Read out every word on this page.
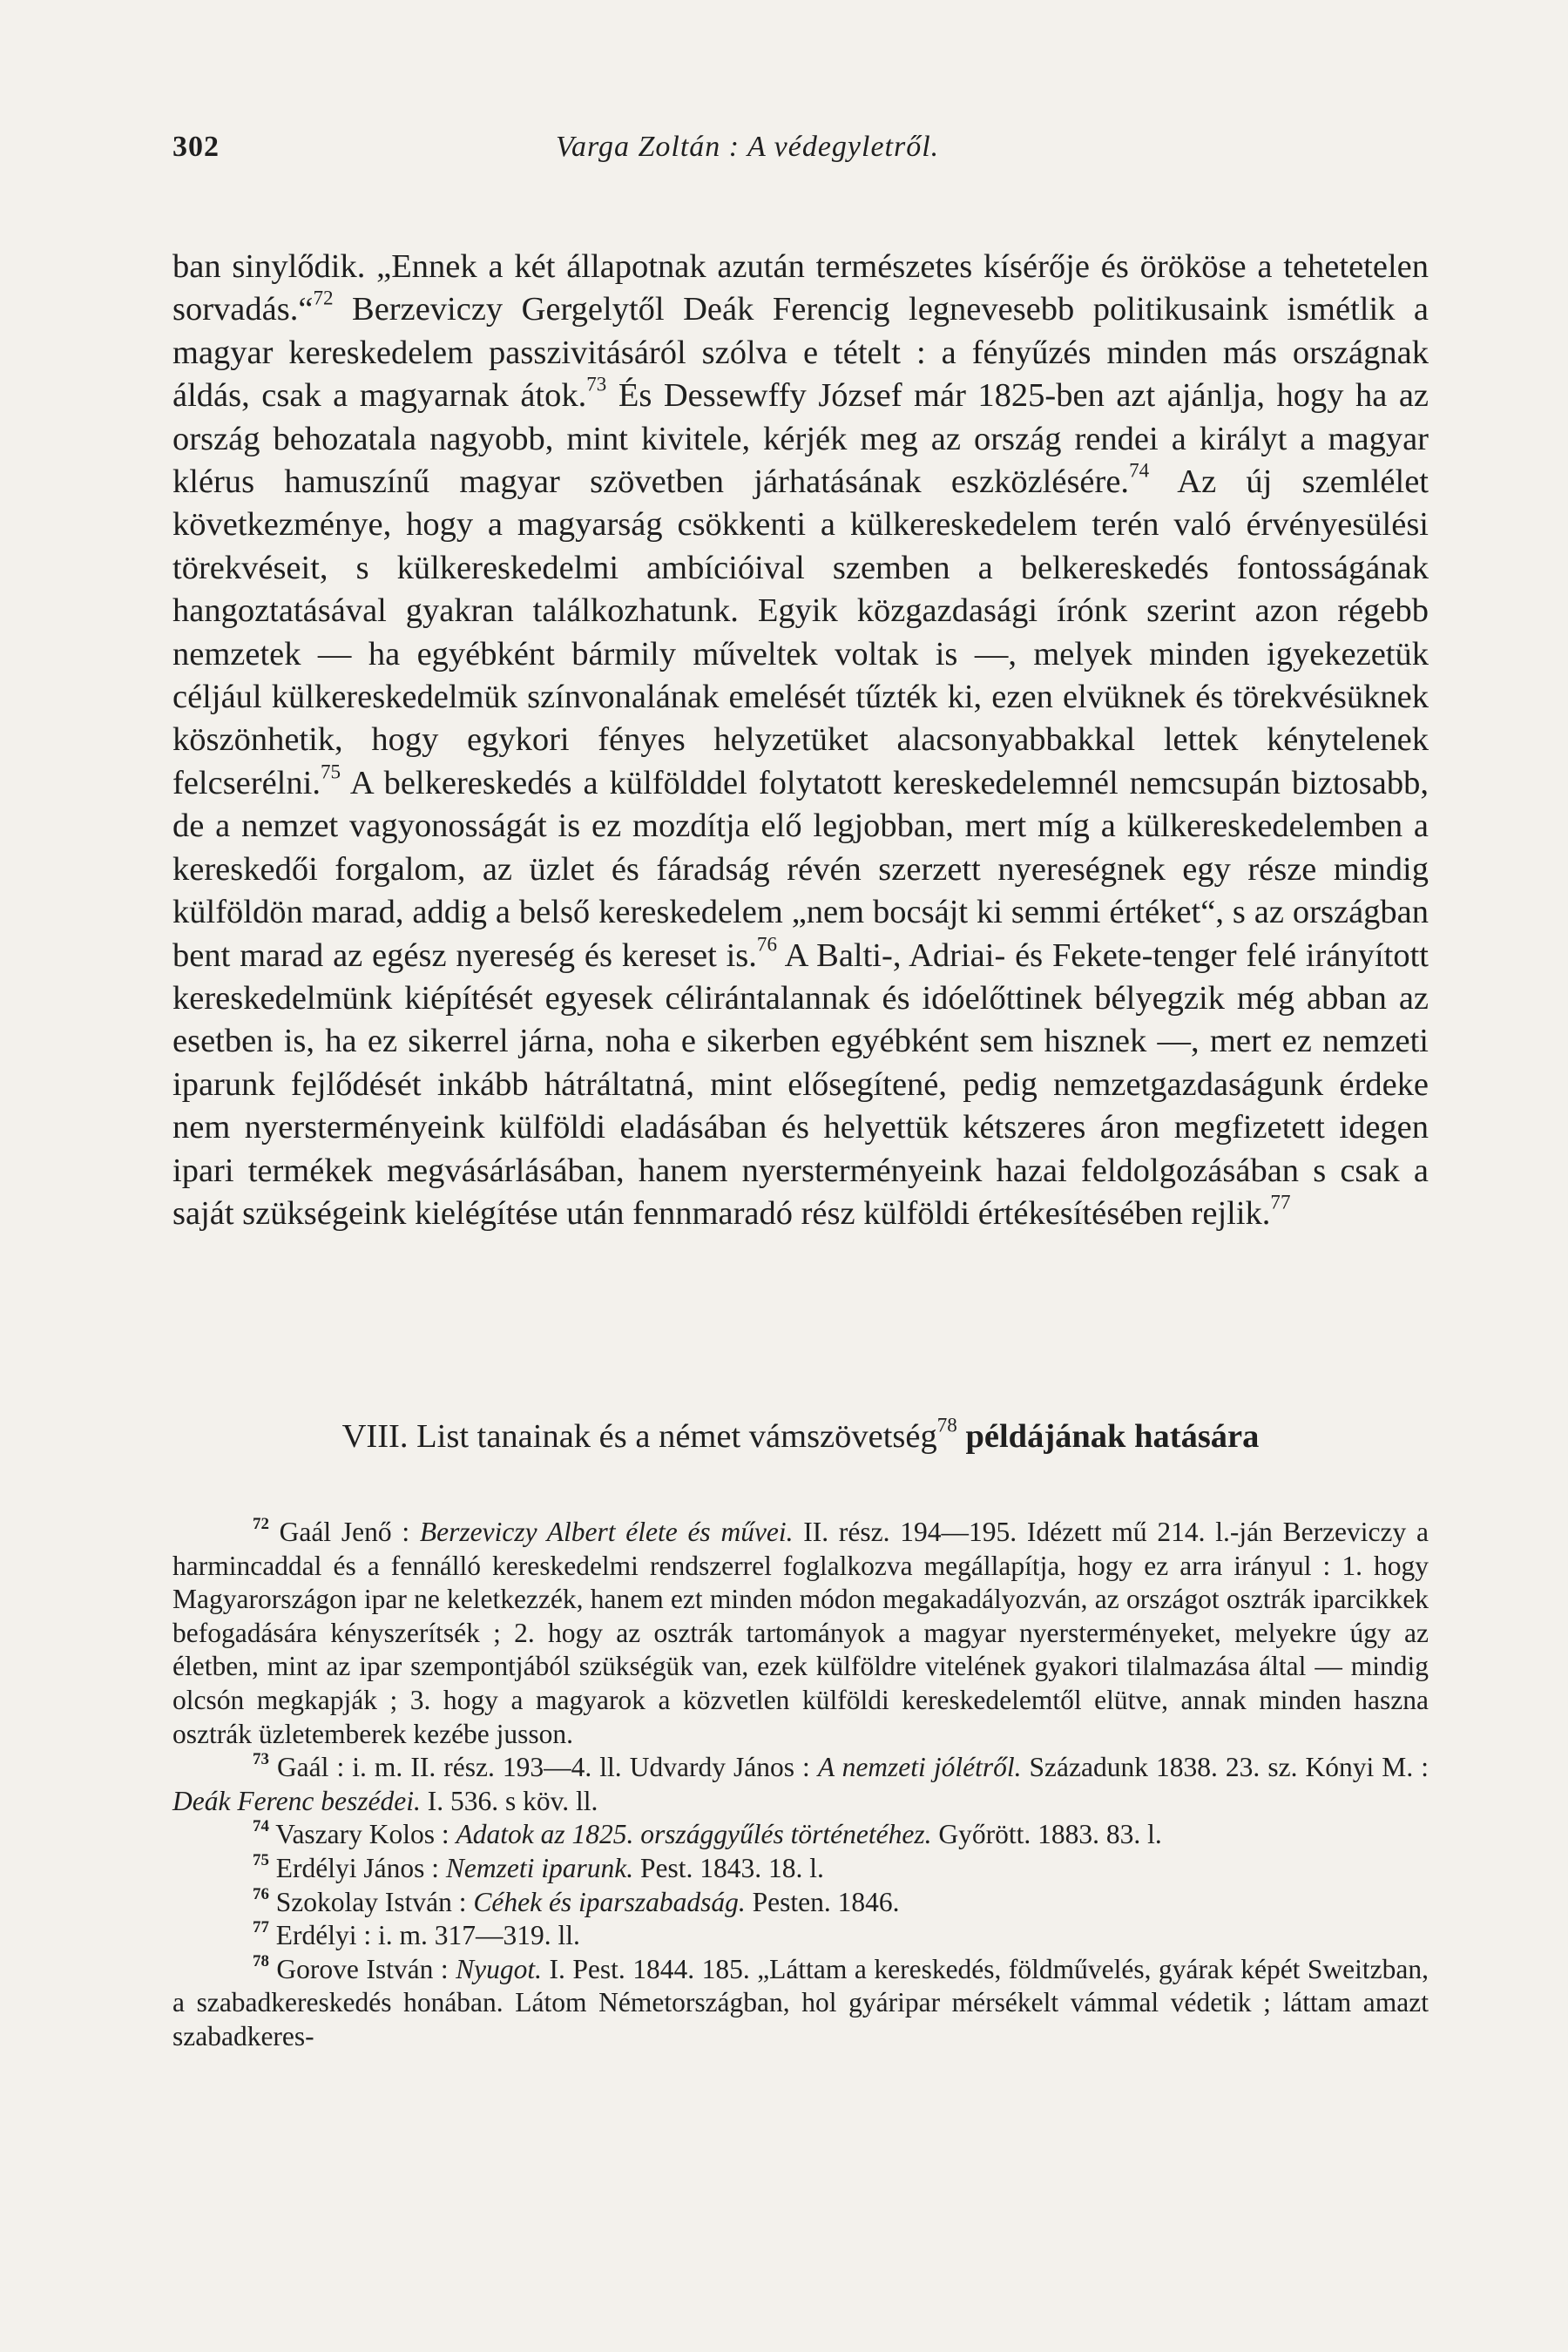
302	Varga Zoltán : A védegyletről.

ban sinylődik. „Ennek a két állapotnak azután természetes kísérője és örököse a tehetetelen sorvadás.“$^{72}$ Berzeviczy Gergelytől Deák Ferencig legnevesebb politikusaink ismétlik a magyar kereskedelem passzivitásáról szólva e tételt : a fényűzés minden más országnak áldás, csak a magyarnak átok.$^{73}$ És Dessewffy József már 1825-ben azt ajánlja, hogy ha az ország behozatala nagyobb, mint kivitele, kérjék meg az ország rendei a királyt a magyar klérus hamuszínű magyar szövetben járhatásának eszközlésére.$^{74}$ Az új szemlélet következménye, hogy a magyarság csökkenti a külkereskedelem terén való érvényesülési törekvéseit, s külkereskedelmi ambícióival szemben a belkereskedés fontosságának hangoztatásával gyakran találkozhatunk. Egyik közgazdasági írónk szerint azon régebb nemzetek — ha egyébként bármily műveltek voltak is —, melyek minden igyekezetük céljául külkereskedelmük színvonalának emelését tűzték ki, ezen elvüknek és törekvésüknek köszönhetik, hogy egykori fényes helyzetüket alacsonyabbakkal lettek kénytelenek felcserélni.$^{75}$ A belkereskedés a külfölddel folytatott kereskedelemnél nemcsupán biztosabb, de a nemzet vagyonosságát is ez mozdítja elő legjobban, mert míg a külkereskedelemben a kereskedői forgalom, az üzlet és fáradság révén szerzett nyereségnek egy része mindig külföldön marad, addig a belső kereskedelem „nem bocsájt ki semmi értéket“, s az országban bent marad az egész nyereség és kereset is.$^{76}$ A Balti-, Adriai- és Fekete-tenger felé irányított kereskedelmünk kiépítését egyesek célirántalannak és idóelőttinek bélyegzik még abban az esetben is, ha ez sikerrel járna, noha e sikerben egyébként sem hisznek —, mert ez nemzeti iparunk fejlődését inkább hátráltatná, mint elősegítené, pedig nemzetgazdaságunk érdeke nem nyersterményeink külföldi eladásában és helyettük kétszeres áron megfizetett idegen ipari termékek megvásárlásában, hanem nyersterményeink hazai feldolgozásában s csak a saját szükségeink kielégítése után fennmaradó rész külföldi értékesítésében rejlik.$^{77}$

VIII. List tanainak és a német vámszövetség$^{78}$ példájának hatására

$^{72}$ Gaál Jenő : Berzeviczy Albert élete és művei. II. rész. 194—195. Idézett mű 214. l.-ján Berzeviczy a harmincaddal és a fennálló kereskedelmi rendszerrel foglalkozva megállapítja, hogy ez arra irányul : 1. hogy Magyarországon ipar ne keletkezzék, hanem ezt minden módon megakadályozván, az országot osztrák iparcikkek befogadására kényszerítsék ; 2. hogy az osztrák tartományok a magyar nyersterményeket, melyekre úgy az életben, mint az ipar szempontjából szükségük van, ezek külföldre vitelének gyakori tilalmazása által — mindig olcsón megkapják ; 3. hogy a magyarok a közvetlen külföldi kereskedelemtől elütve, annak minden haszna osztrák üzletemberek kezébe jusson.

$^{73}$ Gaál : i. m. II. rész. 193—4. ll. Udvardy János : A nemzeti jólétről. Századunk 1838. 23. sz. Kónyi M. : Deák Ferenc beszédei. I. 536. s köv. ll.

$^{74}$ Vaszary Kolos : Adatok az 1825. országgyűlés történetéhez. Győrött. 1883. 83. l.

$^{75}$ Erdélyi János : Nemzeti iparunk. Pest. 1843. 18. l.

$^{76}$ Szokolay István : Céhek és iparszabadság. Pesten. 1846.

$^{77}$ Erdélyi : i. m. 317—319. ll.

$^{78}$ Gorove István : Nyugot. I. Pest. 1844. 185. „Láttam a kereskedés, földművelés, gyárak képét Sweitzban, a szabadkereskedés honában. Látom Németországban, hol gyáripar mérsékelt vámmal védetik ; láttam amazt szabadkeres-
